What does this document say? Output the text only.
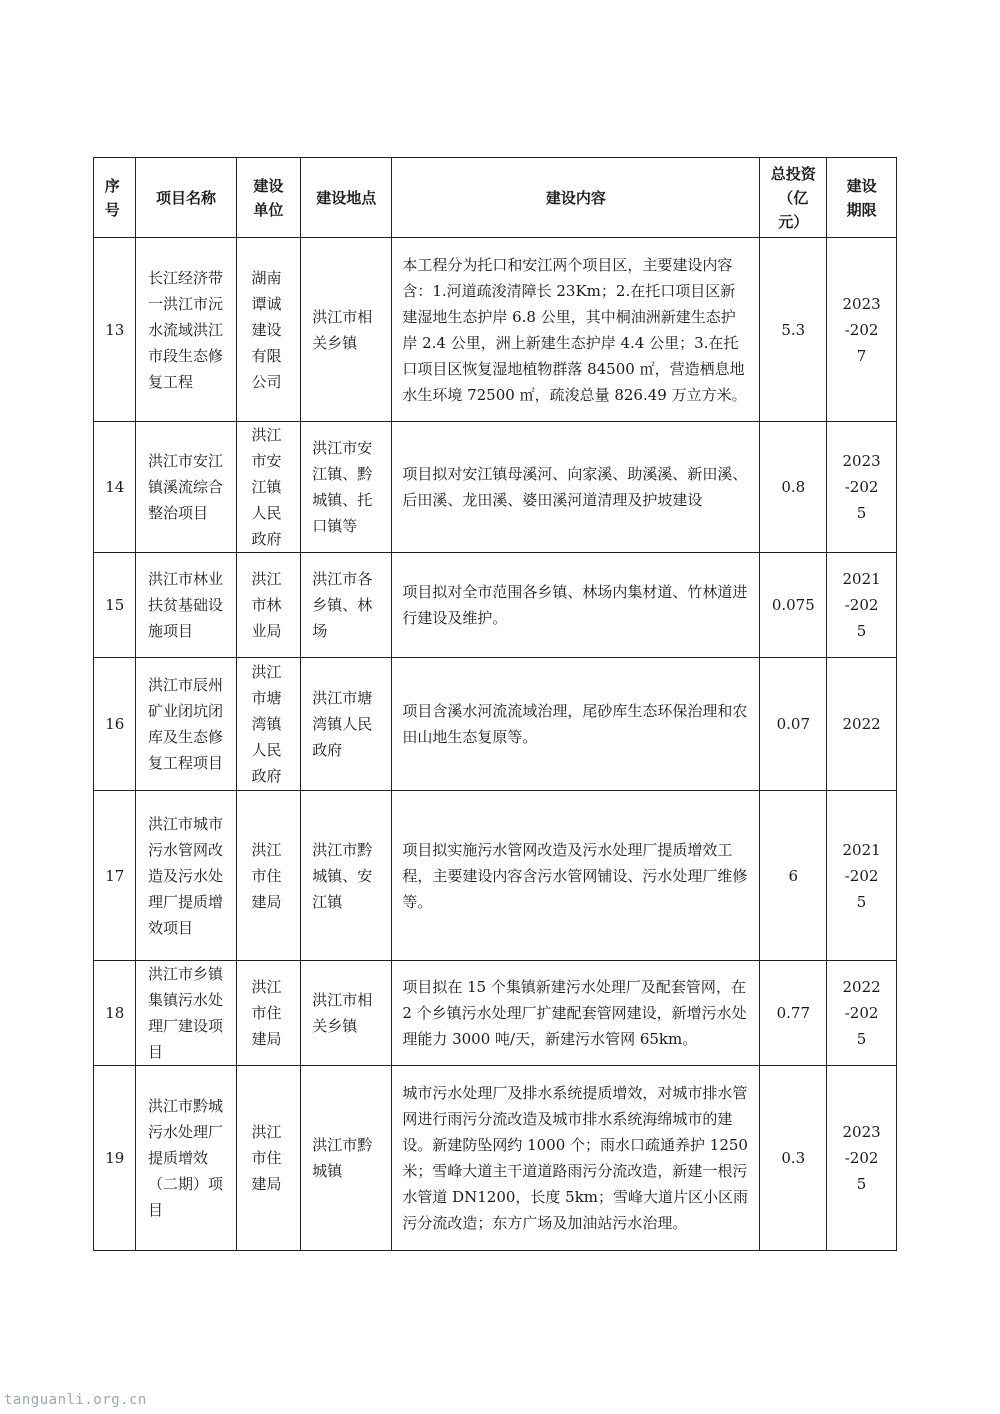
序号	项目名称	建设单位	建设地点	建设内容	总投资（亿元）	建设期限
13	长江经济带一洪江市沅水流域洪江市段生态修复工程	湖南谭诚建设有限公司	洪江市相关乡镇	本工程分为托口和安江两个项目区，主要建设内容含：1.河道疏浚清障长 23Km；2.在托口项目区新建湿地生态护岸 6.8 公里，其中桐油洲新建生态护岸 2.4 公里，洲上新建生态护岸 4.4 公里；3.在托口项目区恢复湿地植物群落 84500 ㎡，营造栖息地水生环境 72500 ㎡，疏浚总量 826.49 万立方米。	5.3	2023-2027
14	洪江市安江镇溪流综合整治项目	洪江市安江镇人民政府	洪江市安江镇、黔城镇、托口镇等	项目拟对安江镇母溪河、向家溪、助溪溪、新田溪、后田溪、龙田溪、婆田溪河道清理及护坡建设	0.8	2023-2025
15	洪江市林业扶贫基础设施项目	洪江市林业局	洪江市各乡镇、林场	项目拟对全市范围各乡镇、林场内集材道、竹林道进行建设及维护。	0.075	2021-2025
16	洪江市辰州矿业闭坑闭库及生态修复工程项目	洪江市塘湾镇人民政府	洪江市塘湾镇人民政府	项目含溪水河流流域治理，尾砂库生态环保治理和农田山地生态复原等。	0.07	2022
17	洪江市城市污水管网改造及污水处理厂提质增效项目	洪江市住建局	洪江市黔城镇、安江镇	项目拟实施污水管网改造及污水处理厂提质增效工程，主要建设内容含污水管网铺设、污水处理厂维修等。	6	2021-2025
18	洪江市乡镇集镇污水处理厂建设项目	洪江市住建局	洪江市相关乡镇	项目拟在 15 个集镇新建污水处理厂及配套管网，在 2 个乡镇污水处理厂扩建配套管网建设，新增污水处理能力 3000 吨/天，新建污水管网 65km。	0.77	2022-2025
19	洪江市黔城污水处理厂提质增效（二期）项目	洪江市住建局	洪江市黔城镇	城市污水处理厂及排水系统提质增效，对城市排水管网进行雨污分流改造及城市排水系统海绵城市的建设。新建防坠网约 1000 个；雨水口疏通养护 1250 米；雪峰大道主干道道路雨污分流改造，新建一根污水管道 DN1200，长度 5km；雪峰大道片区小区雨污分流改造；东方广场及加油站污水治理。	0.3	2023-2025
tanguanli.org.cn
